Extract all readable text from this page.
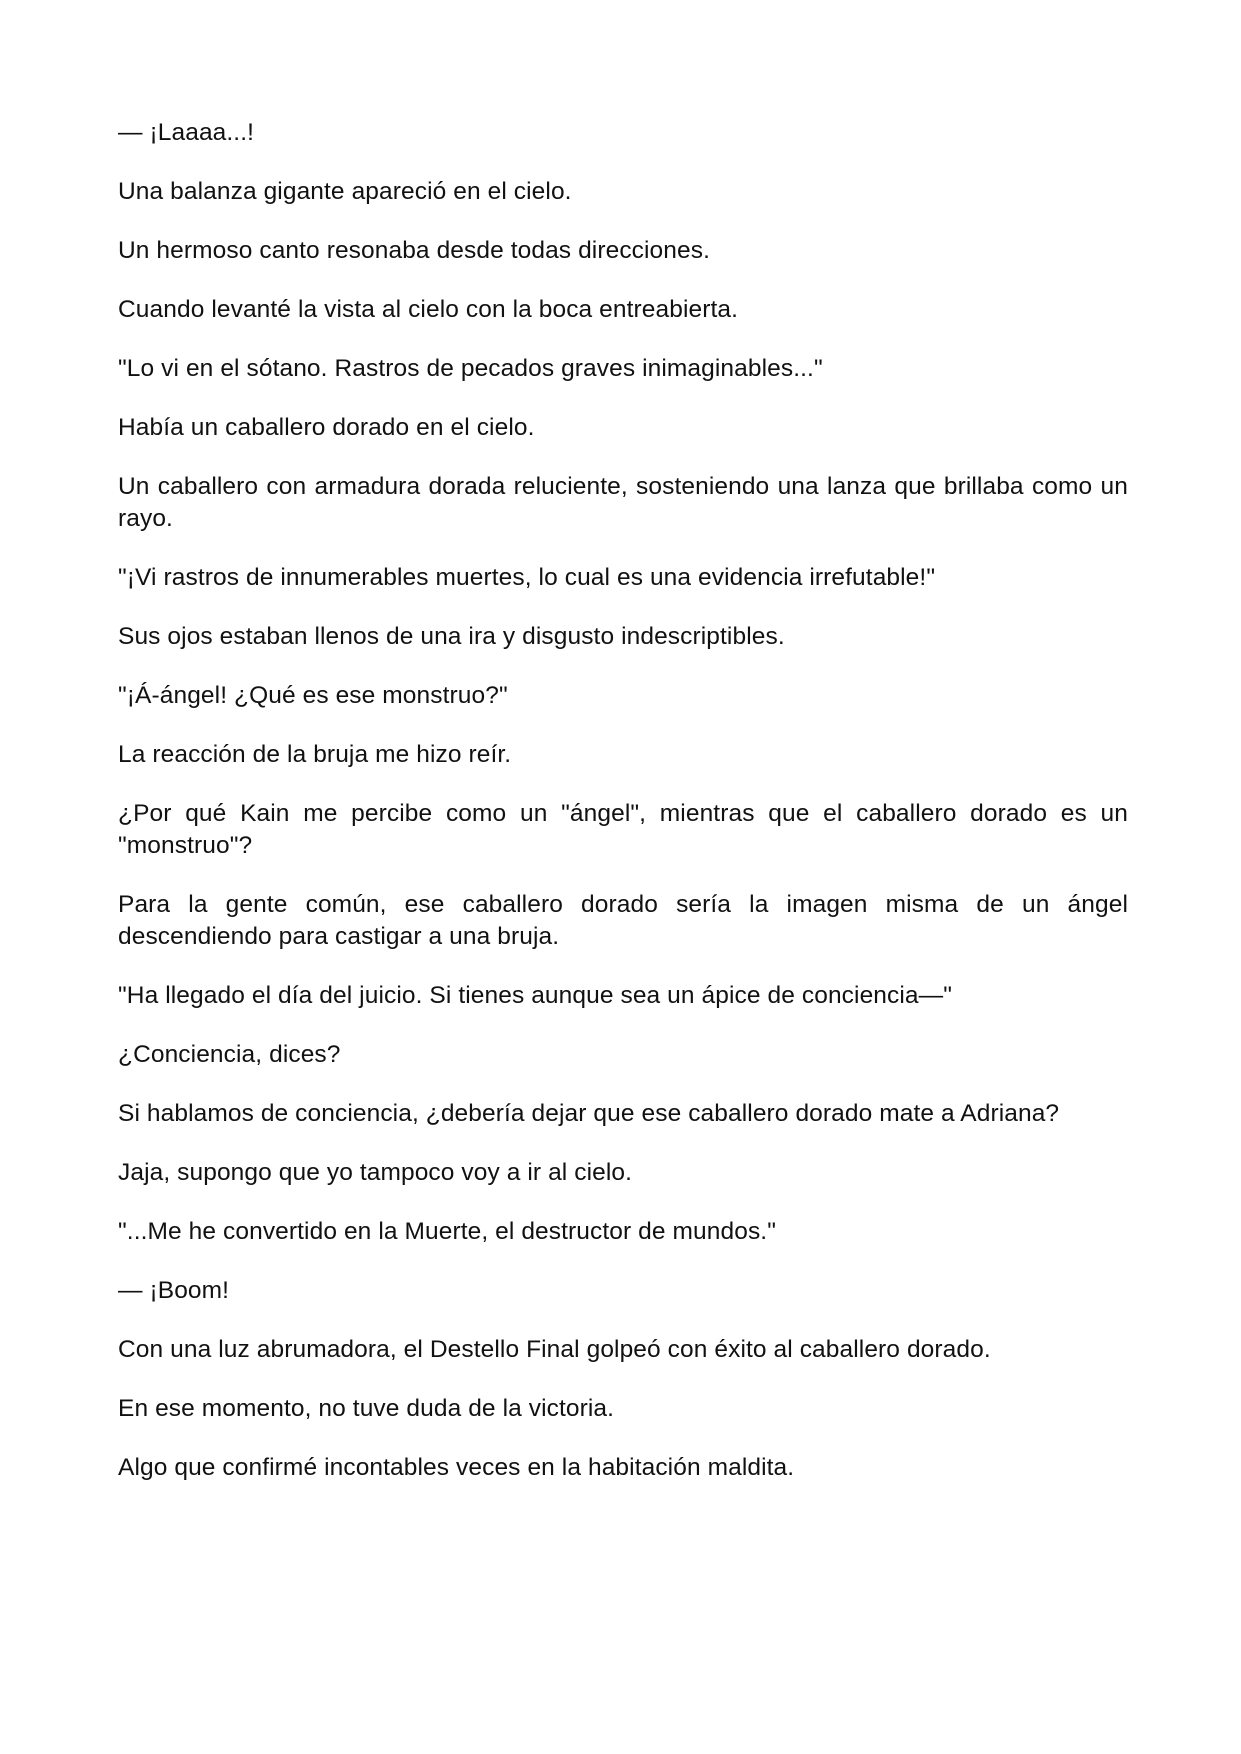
— ¡Laaaa...!

Una balanza gigante apareció en el cielo.

Un hermoso canto resonaba desde todas direcciones.

Cuando levanté la vista al cielo con la boca entreabierta.

"Lo vi en el sótano. Rastros de pecados graves inimaginables..."

Había un caballero dorado en el cielo.

Un caballero con armadura dorada reluciente, sosteniendo una lanza que brillaba como un rayo.

"¡Vi rastros de innumerables muertes, lo cual es una evidencia irrefutable!"

Sus ojos estaban llenos de una ira y disgusto indescriptibles.

"¡Á-ángel! ¿Qué es ese monstruo?"

La reacción de la bruja me hizo reír.

¿Por qué Kain me percibe como un "ángel", mientras que el caballero dorado es un "monstruo"?

Para la gente común, ese caballero dorado sería la imagen misma de un ángel descendiendo para castigar a una bruja.

"Ha llegado el día del juicio. Si tienes aunque sea un ápice de conciencia—"

¿Conciencia, dices?

Si hablamos de conciencia, ¿debería dejar que ese caballero dorado mate a Adriana?

Jaja, supongo que yo tampoco voy a ir al cielo.

"...Me he convertido en la Muerte, el destructor de mundos."

— ¡Boom!

Con una luz abrumadora, el Destello Final golpeó con éxito al caballero dorado.

En ese momento, no tuve duda de la victoria.

Algo que confirmé incontables veces en la habitación maldita.
